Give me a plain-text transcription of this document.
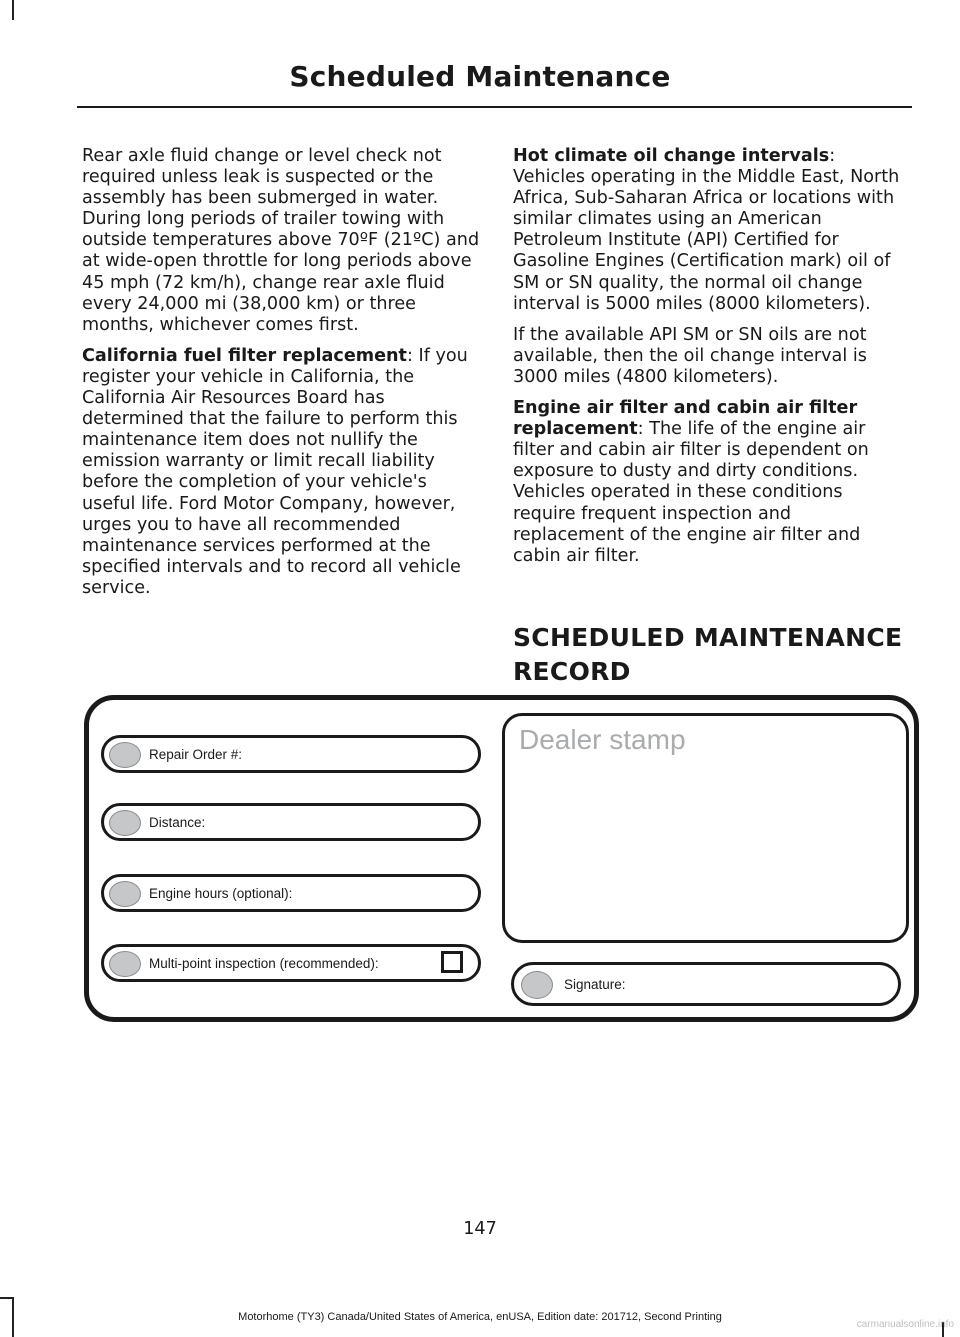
Scheduled Maintenance

Rear axle fluid change or level check not required unless leak is suspected or the assembly has been submerged in water. During long periods of trailer towing with outside temperatures above 70ºF (21ºC) and at wide-open throttle for long periods above 45 mph (72 km/h), change rear axle fluid every 24,000 mi (38,000 km) or three months, whichever comes first.

California fuel filter replacement: If you register your vehicle in California, the California Air Resources Board has determined that the failure to perform this maintenance item does not nullify the emission warranty or limit recall liability before the completion of your vehicle's useful life. Ford Motor Company, however, urges you to have all recommended maintenance services performed at the specified intervals and to record all vehicle service.

Hot climate oil change intervals: Vehicles operating in the Middle East, North Africa, Sub-Saharan Africa or locations with similar climates using an American Petroleum Institute (API) Certified for Gasoline Engines (Certification mark) oil of SM or SN quality, the normal oil change interval is 5000 miles (8000 kilometers).

If the available API SM or SN oils are not available, then the oil change interval is 3000 miles (4800 kilometers).

Engine air filter and cabin air filter replacement: The life of the engine air filter and cabin air filter is dependent on exposure to dusty and dirty conditions. Vehicles operated in these conditions require frequent inspection and replacement of the engine air filter and cabin air filter.

SCHEDULED MAINTENANCE
RECORD
Repair Order #:
Distance:
Engine hours (optional):
Multi-point inspection (recommended):
Dealer stamp
Signature:
147
Motorhome (TY3) Canada/United States of America, enUSA, Edition date: 201712, Second Printing
carmanualsonline.info
